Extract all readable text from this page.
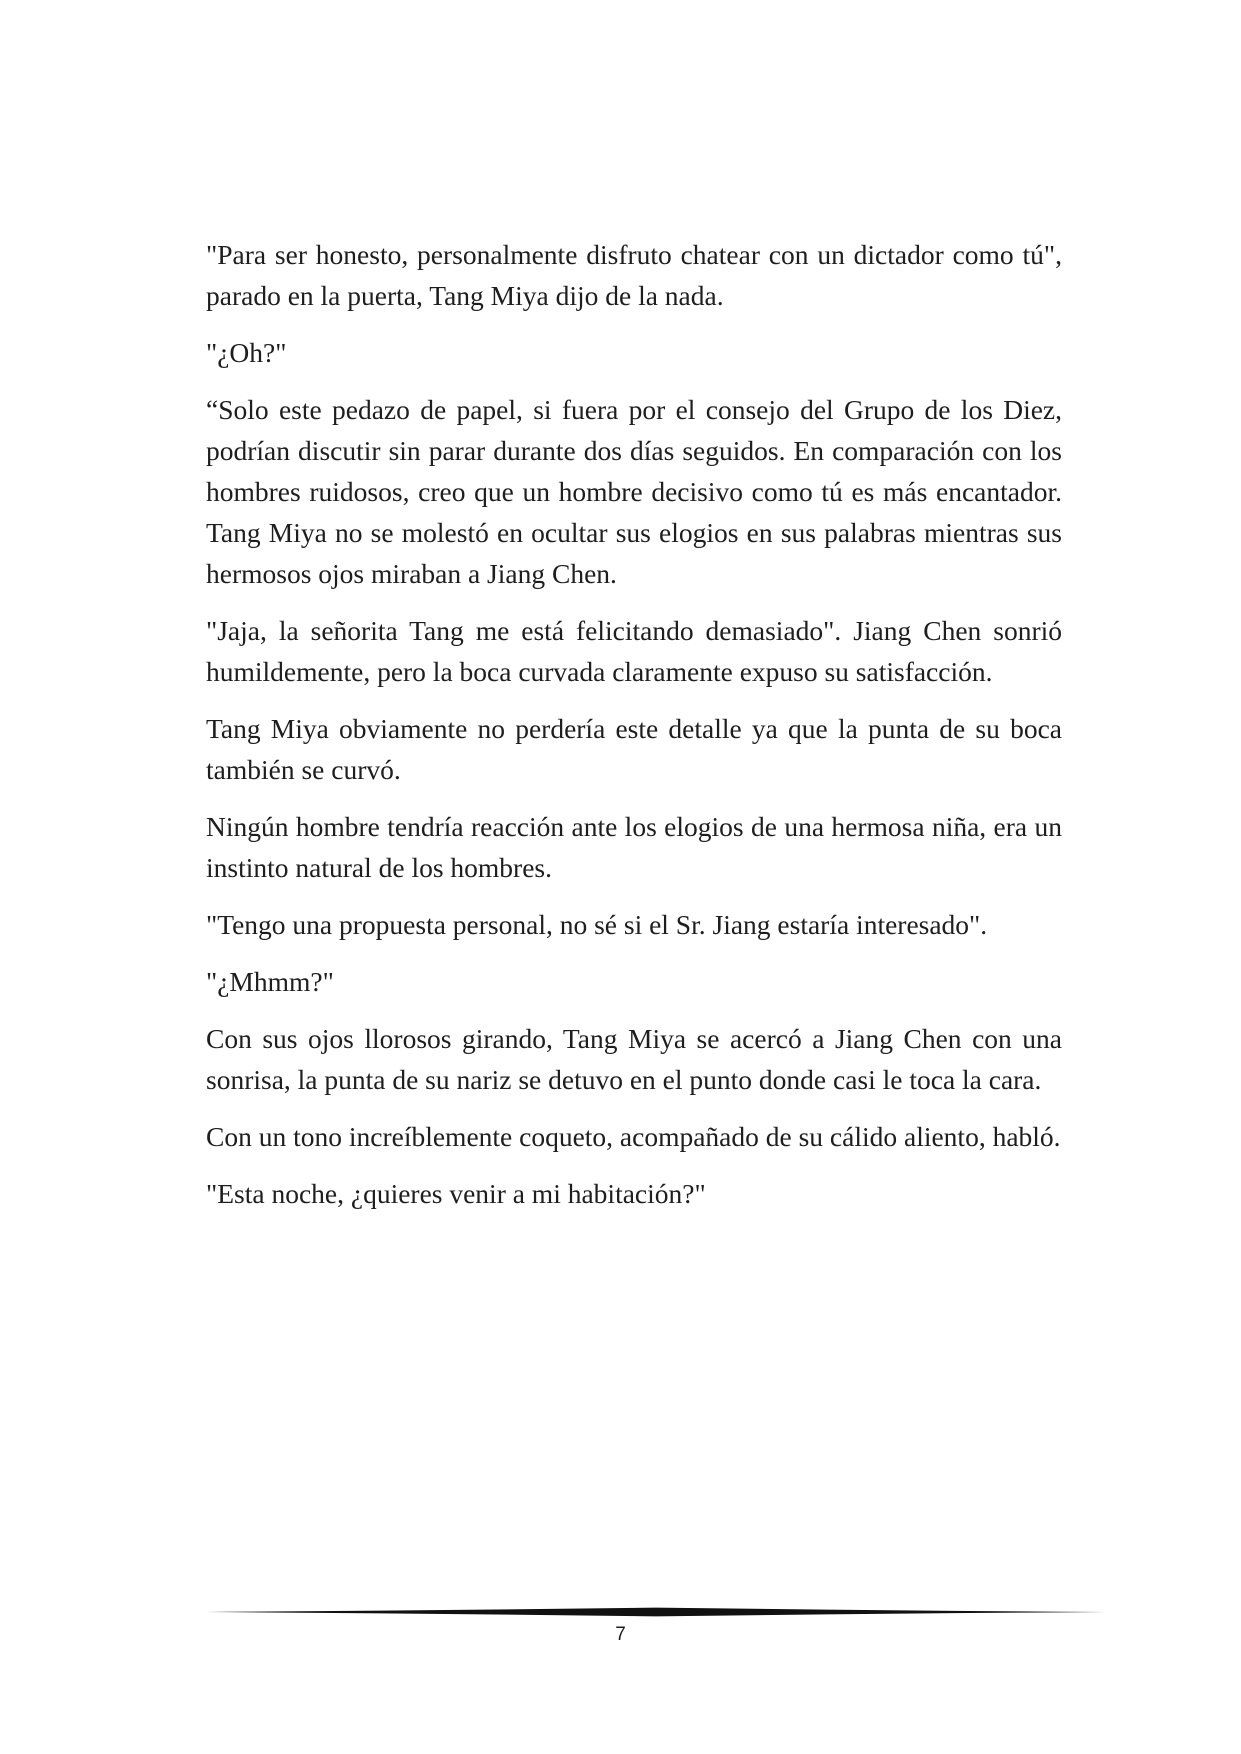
"Para ser honesto, personalmente disfruto chatear con un dictador como tú", parado en la puerta, Tang Miya dijo de la nada.

"¿Oh?"

“Solo este pedazo de papel, si fuera por el consejo del Grupo de los Diez, podrían discutir sin parar durante dos días seguidos. En comparación con los hombres ruidosos, creo que un hombre decisivo como tú es más encantador. Tang Miya no se molestó en ocultar sus elogios en sus palabras mientras sus hermosos ojos miraban a Jiang Chen.

"Jaja, la señorita Tang me está felicitando demasiado". Jiang Chen sonrió humildemente, pero la boca curvada claramente expuso su satisfacción.

Tang Miya obviamente no perdería este detalle ya que la punta de su boca también se curvó.

Ningún hombre tendría reacción ante los elogios de una hermosa niña, era un instinto natural de los hombres.

"Tengo una propuesta personal, no sé si el Sr. Jiang estaría interesado".

"¿Mhmm?"

Con sus ojos llorosos girando, Tang Miya se acercó a Jiang Chen con una sonrisa, la punta de su nariz se detuvo en el punto donde casi le toca la cara.

Con un tono increíblemente coqueto, acompañado de su cálido aliento, habló.

"Esta noche, ¿quieres venir a mi habitación?"

7
